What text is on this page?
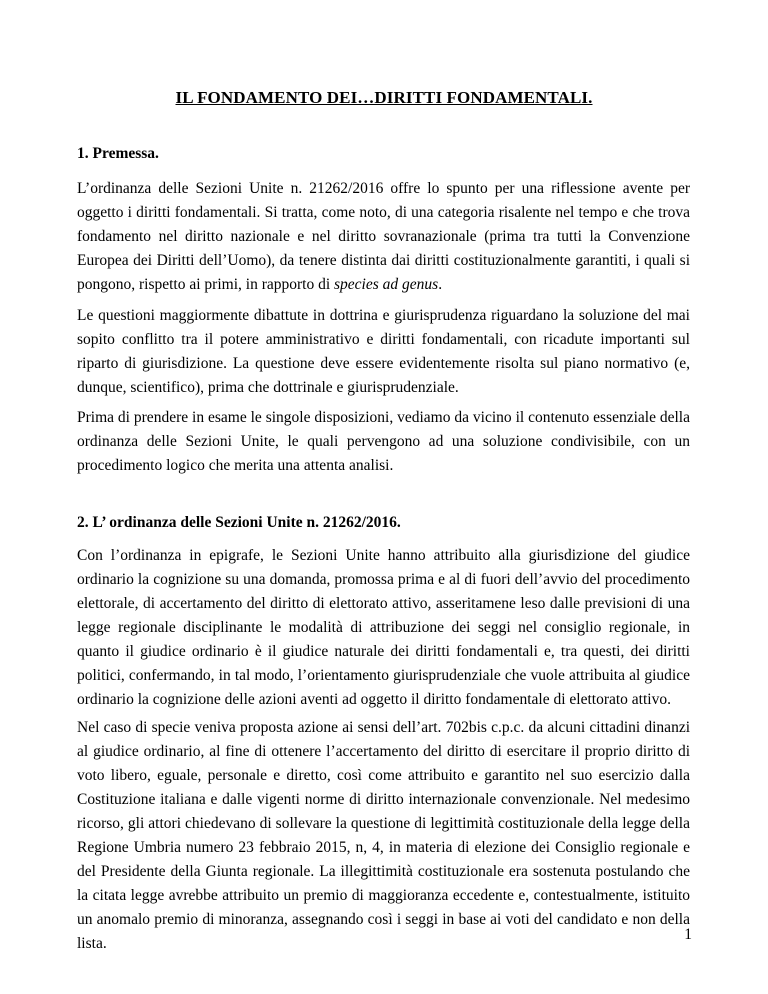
IL FONDAMENTO DEI…DIRITTI FONDAMENTALI.

1. Premessa.

L’ordinanza delle Sezioni Unite n. 21262/2016 offre lo spunto per una riflessione avente per oggetto i diritti fondamentali. Si tratta, come noto, di una categoria risalente nel tempo e che trova fondamento nel diritto nazionale e nel diritto sovranazionale (prima tra tutti la Convenzione Europea dei Diritti dell’Uomo), da tenere distinta dai diritti costituzionalmente garantiti, i quali si pongono, rispetto ai primi, in rapporto di species ad genus.

Le questioni maggiormente dibattute in dottrina e giurisprudenza riguardano la soluzione del mai sopito conflitto tra il potere amministrativo e diritti fondamentali, con ricadute importanti sul riparto di giurisdizione. La questione deve essere evidentemente risolta sul piano normativo (e, dunque, scientifico), prima che dottrinale e giurisprudenziale.

Prima di prendere in esame le singole disposizioni, vediamo da vicino il contenuto essenziale della ordinanza delle Sezioni Unite, le quali pervengono ad una soluzione condivisibile, con un procedimento logico che merita una attenta analisi.

2. L’ ordinanza delle Sezioni Unite n. 21262/2016.

Con l’ordinanza in epigrafe, le Sezioni Unite hanno attribuito alla giurisdizione del giudice ordinario la cognizione su una domanda, promossa prima e al di fuori dell’avvio del procedimento elettorale, di accertamento del diritto di elettorato attivo, asseritamene leso dalle previsioni di una legge regionale disciplinante le modalità di attribuzione dei seggi nel consiglio regionale, in quanto il giudice ordinario è il giudice naturale dei diritti fondamentali e, tra questi, dei diritti politici, confermando, in tal modo, l’orientamento giurisprudenziale che vuole attribuita al giudice ordinario la cognizione delle azioni aventi ad oggetto il diritto fondamentale di elettorato attivo.

Nel caso di specie veniva proposta azione ai sensi dell’art. 702bis c.p.c. da alcuni cittadini dinanzi al giudice ordinario, al fine di ottenere l’accertamento del diritto di esercitare il proprio diritto di voto libero, eguale, personale e diretto, così come attribuito e garantito nel suo esercizio dalla Costituzione italiana e dalle vigenti norme di diritto internazionale convenzionale. Nel medesimo ricorso, gli attori chiedevano di sollevare la questione di legittimità costituzionale della legge della Regione Umbria numero 23 febbraio 2015, n, 4, in materia di elezione dei Consiglio regionale e del Presidente della Giunta regionale. La illegittimità costituzionale era sostenuta postulando che la citata legge avrebbe attribuito un premio di maggioranza eccedente e, contestualmente, istituito un anomalo premio di minoranza, assegnando così i seggi in base ai voti del candidato e non della lista.

1
